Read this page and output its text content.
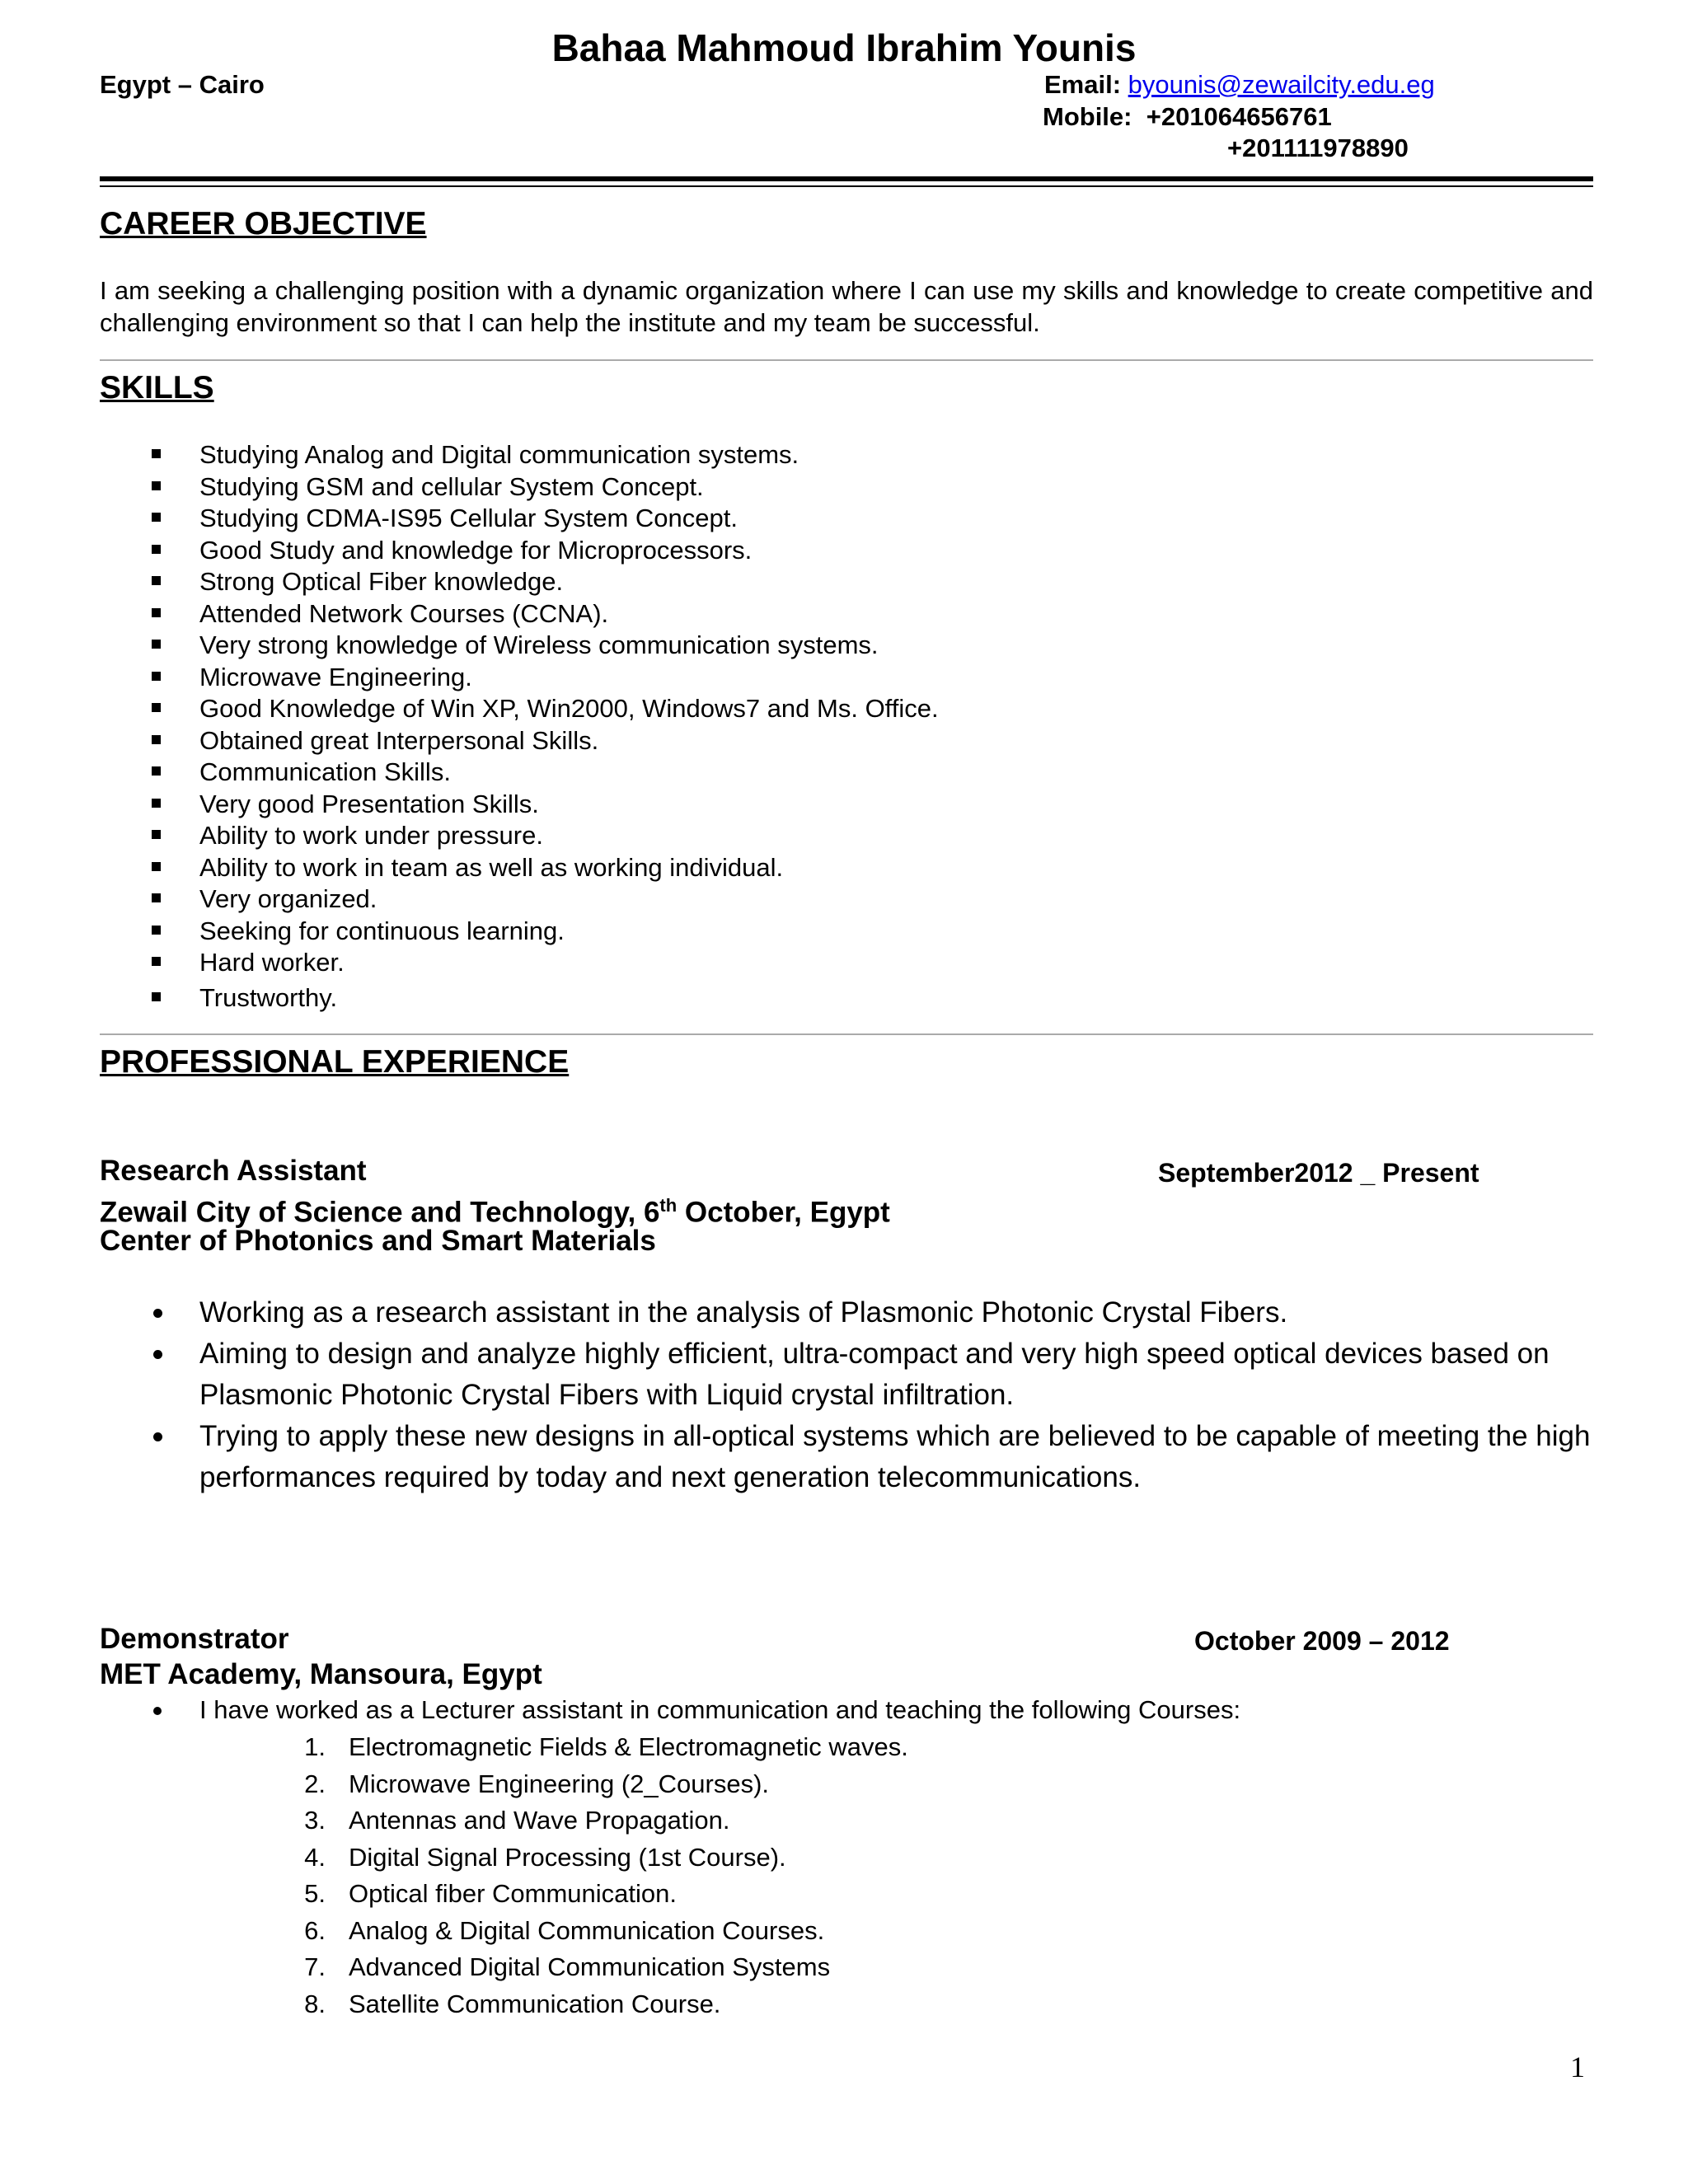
Bahaa Mahmoud Ibrahim Younis
Egypt – Cairo	Email: byounis@zewailcity.edu.eg
Mobile: +201064656761
+201111978890
CAREER OBJECTIVE
I am seeking a challenging position with a dynamic organization where I can use my skills and knowledge to create competitive and challenging environment so that I can help the institute and my team be successful.
SKILLS
Studying Analog and Digital communication systems.
Studying GSM and cellular System Concept.
Studying CDMA-IS95 Cellular System Concept.
Good Study and knowledge for Microprocessors.
Strong Optical Fiber knowledge.
Attended Network Courses (CCNA).
Very strong knowledge of Wireless communication systems.
Microwave Engineering.
Good Knowledge of Win XP, Win2000, Windows7 and Ms. Office.
Obtained great Interpersonal Skills.
Communication Skills.
Very good Presentation Skills.
Ability to work under pressure.
Ability to work in team as well as working individual.
Very organized.
Seeking for continuous learning.
Hard worker.
Trustworthy.
PROFESSIONAL EXPERIENCE
Research Assistant	September2012 _ Present
Zewail City of Science and Technology, 6th October, Egypt
Center of Photonics and Smart Materials
Working as a research assistant in the analysis of Plasmonic Photonic Crystal Fibers.
Aiming to design and analyze highly efficient, ultra-compact and very high speed optical devices based on Plasmonic Photonic Crystal Fibers with Liquid crystal infiltration.
Trying to apply these new designs in all-optical systems which are believed to be capable of meeting the high performances required by today and next generation telecommunications.
Demonstrator	October 2009 – 2012
MET Academy, Mansoura, Egypt
I have worked as a Lecturer assistant in communication and teaching the following Courses:
1. Electromagnetic Fields & Electromagnetic waves.
2. Microwave Engineering (2_Courses).
3. Antennas and Wave Propagation.
4. Digital Signal Processing (1st Course).
5. Optical fiber Communication.
6. Analog & Digital Communication Courses.
7. Advanced Digital Communication Systems
8. Satellite Communication Course.
1
